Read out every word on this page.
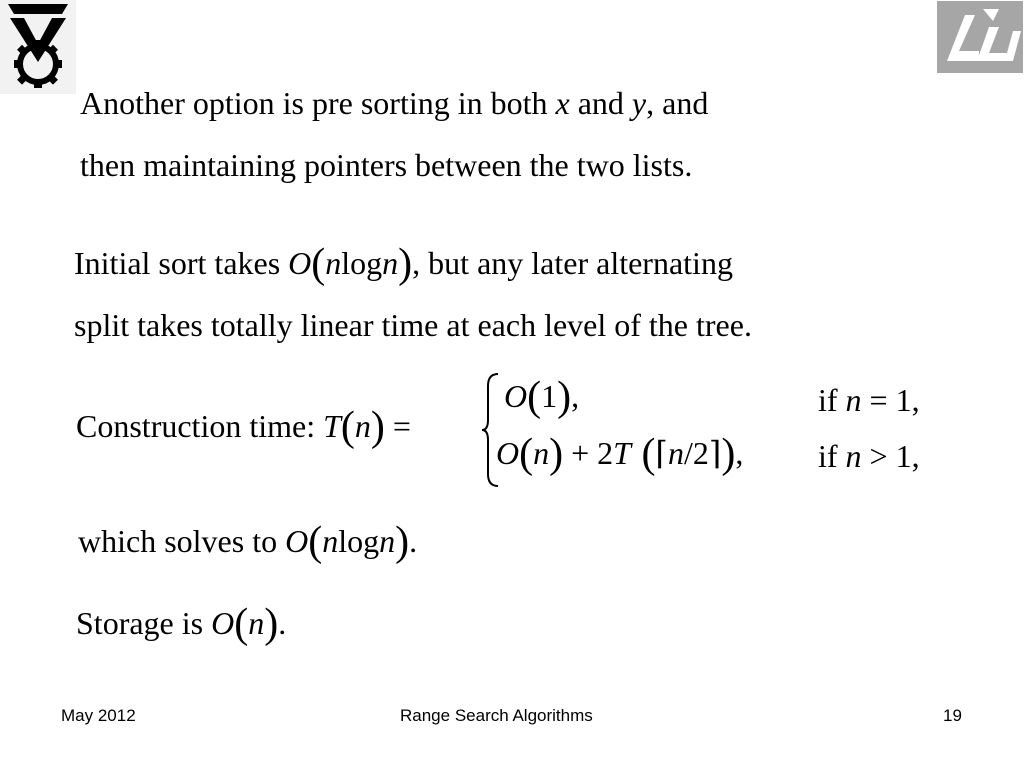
Another option is pre sorting in both x and y, and
then maintaining pointers between the two lists.
Initial sort takes O(nlogn), but any later alternating
split takes totally linear time at each level of the tree.
Construction time: T(n) =
O(1),	if n = 1,
O(n) + 2T (⌈n/2⌉), if n > 1,
which solves to O(nlogn).
Storage is O(n).
May 2012	Range Search Algorithms	19
